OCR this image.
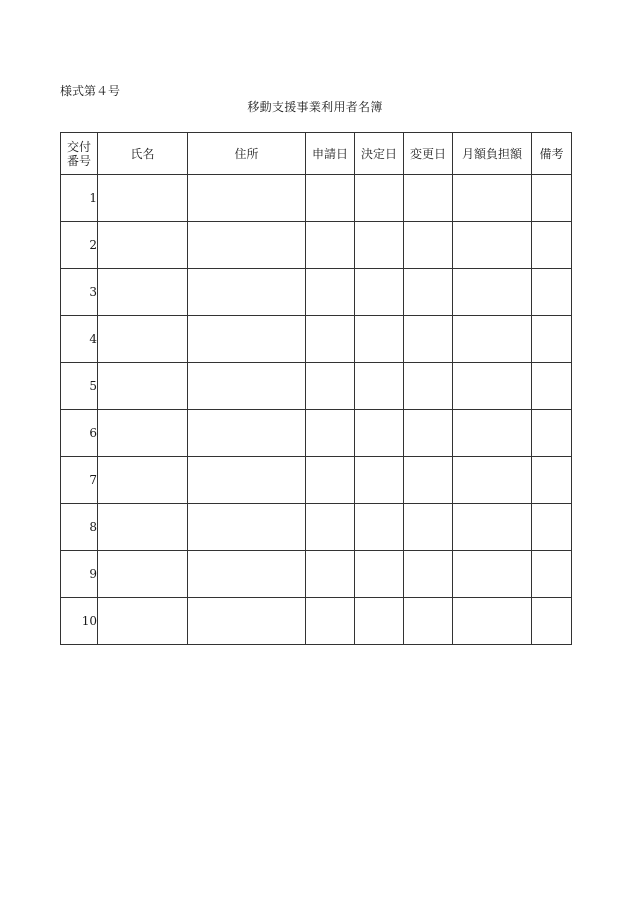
様式第４号
移動支援事業利用者名簿
交付
番号	氏名	住所	申請日	決定日	変更日	月額負担額	備考
1							
2							
3							
4							
5							
6							
7							
8							
9							
10							
